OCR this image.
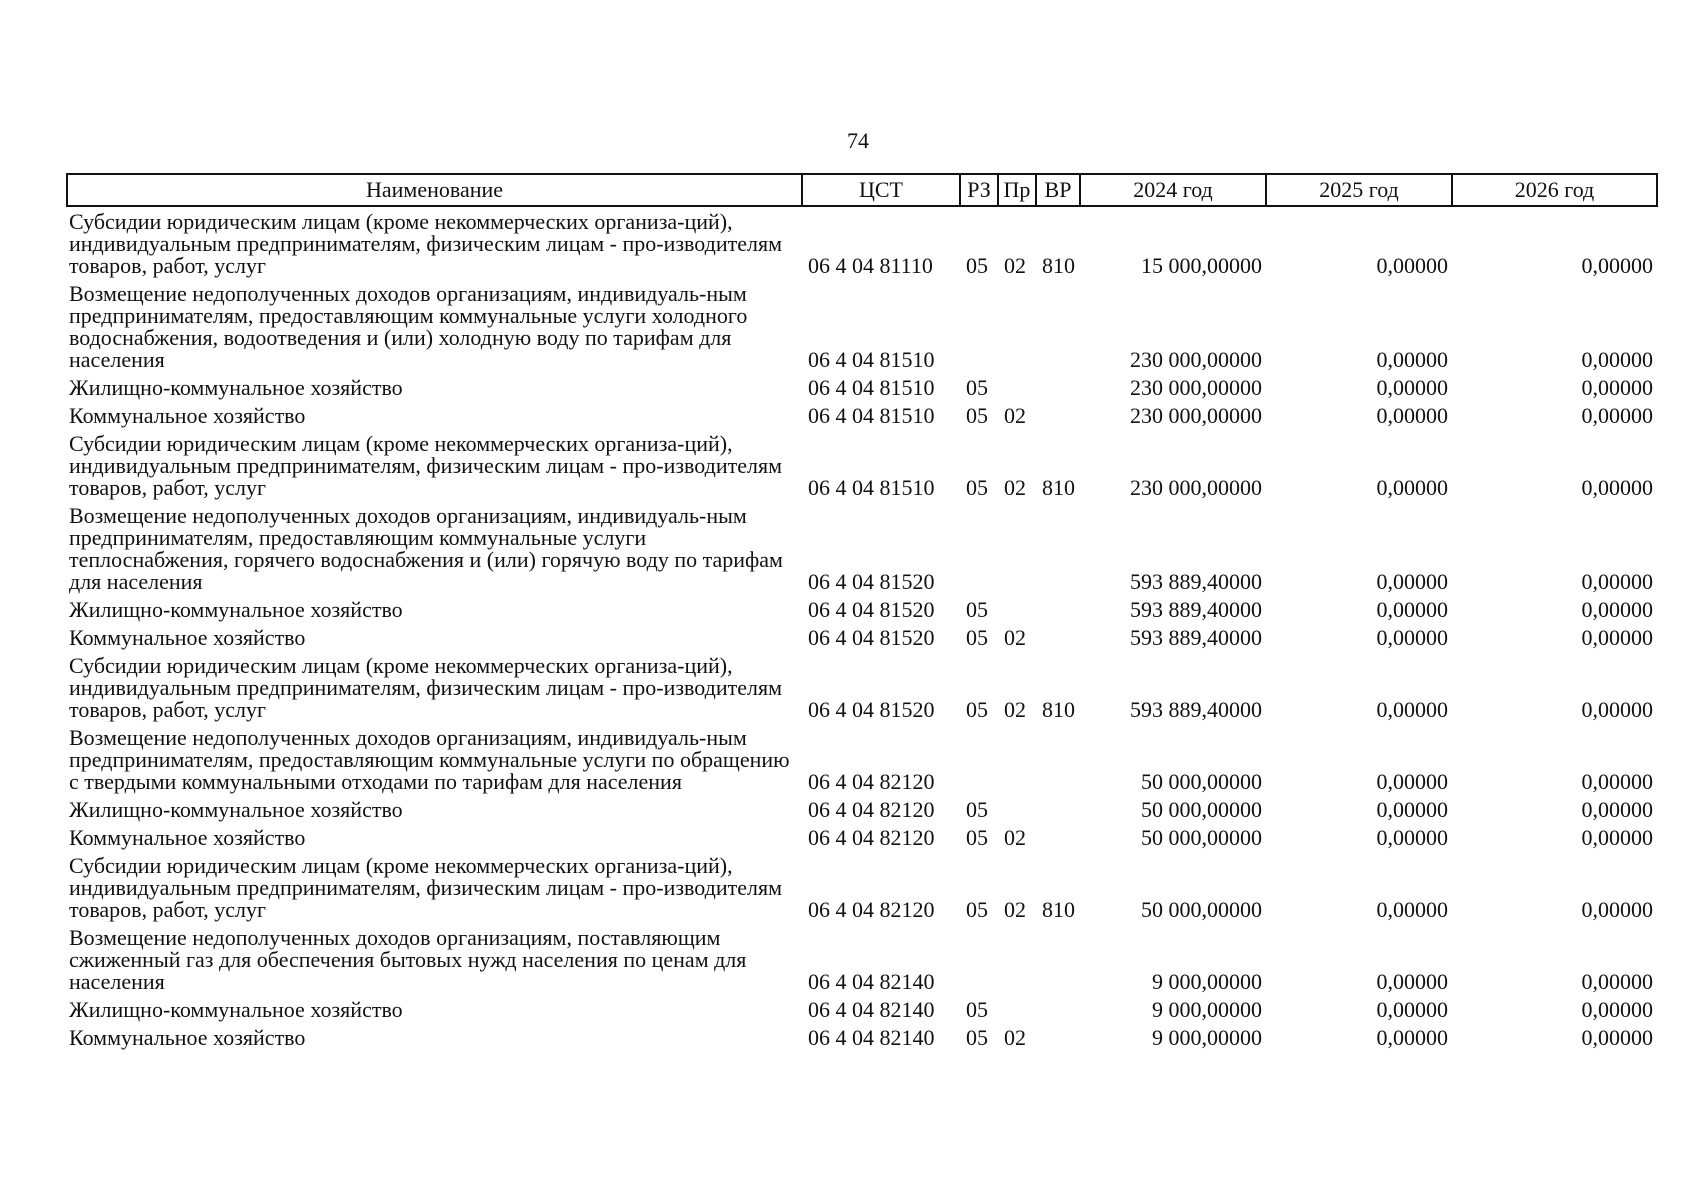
74
Наименование	ЦСТ	РЗ	Пр	ВР	2024 год	2025 год	2026 год
Субсидии юридическим лицам (кроме некоммерческих организа-ций), индивидуальным предпринимателям, физическим лицам - про-изводителям товаров, работ, услуг	06 4 04 81110	05	02	810	15 000,00000	0,00000	0,00000
Возмещение недополученных доходов организациям, индивидуаль-ным предпринимателям, предоставляющим коммунальные услуги холодного водоснабжения, водоотведения и (или) холодную воду по тарифам для населения	06 4 04 81510				230 000,00000	0,00000	0,00000
Жилищно-коммунальное хозяйство	06 4 04 81510	05			230 000,00000	0,00000	0,00000
Коммунальное хозяйство	06 4 04 81510	05	02		230 000,00000	0,00000	0,00000
Субсидии юридическим лицам (кроме некоммерческих организа-ций), индивидуальным предпринимателям, физическим лицам - про-изводителям товаров, работ, услуг	06 4 04 81510	05	02	810	230 000,00000	0,00000	0,00000
Возмещение недополученных доходов организациям, индивидуаль-ным предпринимателям, предоставляющим коммунальные услуги теплоснабжения, горячего водоснабжения и (или) горячую воду по тарифам для населения	06 4 04 81520				593 889,40000	0,00000	0,00000
Жилищно-коммунальное хозяйство	06 4 04 81520	05			593 889,40000	0,00000	0,00000
Коммунальное хозяйство	06 4 04 81520	05	02		593 889,40000	0,00000	0,00000
Субсидии юридическим лицам (кроме некоммерческих организа-ций), индивидуальным предпринимателям, физическим лицам - про-изводителям товаров, работ, услуг	06 4 04 81520	05	02	810	593 889,40000	0,00000	0,00000
Возмещение недополученных доходов организациям, индивидуаль-ным предпринимателям, предоставляющим коммунальные услуги по обращению с твердыми коммунальными отходами по тарифам для населения	06 4 04 82120				50 000,00000	0,00000	0,00000
Жилищно-коммунальное хозяйство	06 4 04 82120	05			50 000,00000	0,00000	0,00000
Коммунальное хозяйство	06 4 04 82120	05	02		50 000,00000	0,00000	0,00000
Субсидии юридическим лицам (кроме некоммерческих организа-ций), индивидуальным предпринимателям, физическим лицам - про-изводителям товаров, работ, услуг	06 4 04 82120	05	02	810	50 000,00000	0,00000	0,00000
Возмещение недополученных доходов организациям, поставляющим сжиженный газ для обеспечения бытовых нужд населения по ценам для населения	06 4 04 82140				9 000,00000	0,00000	0,00000
Жилищно-коммунальное хозяйство	06 4 04 82140	05			9 000,00000	0,00000	0,00000
Коммунальное хозяйство	06 4 04 82140	05	02		9 000,00000	0,00000	0,00000
